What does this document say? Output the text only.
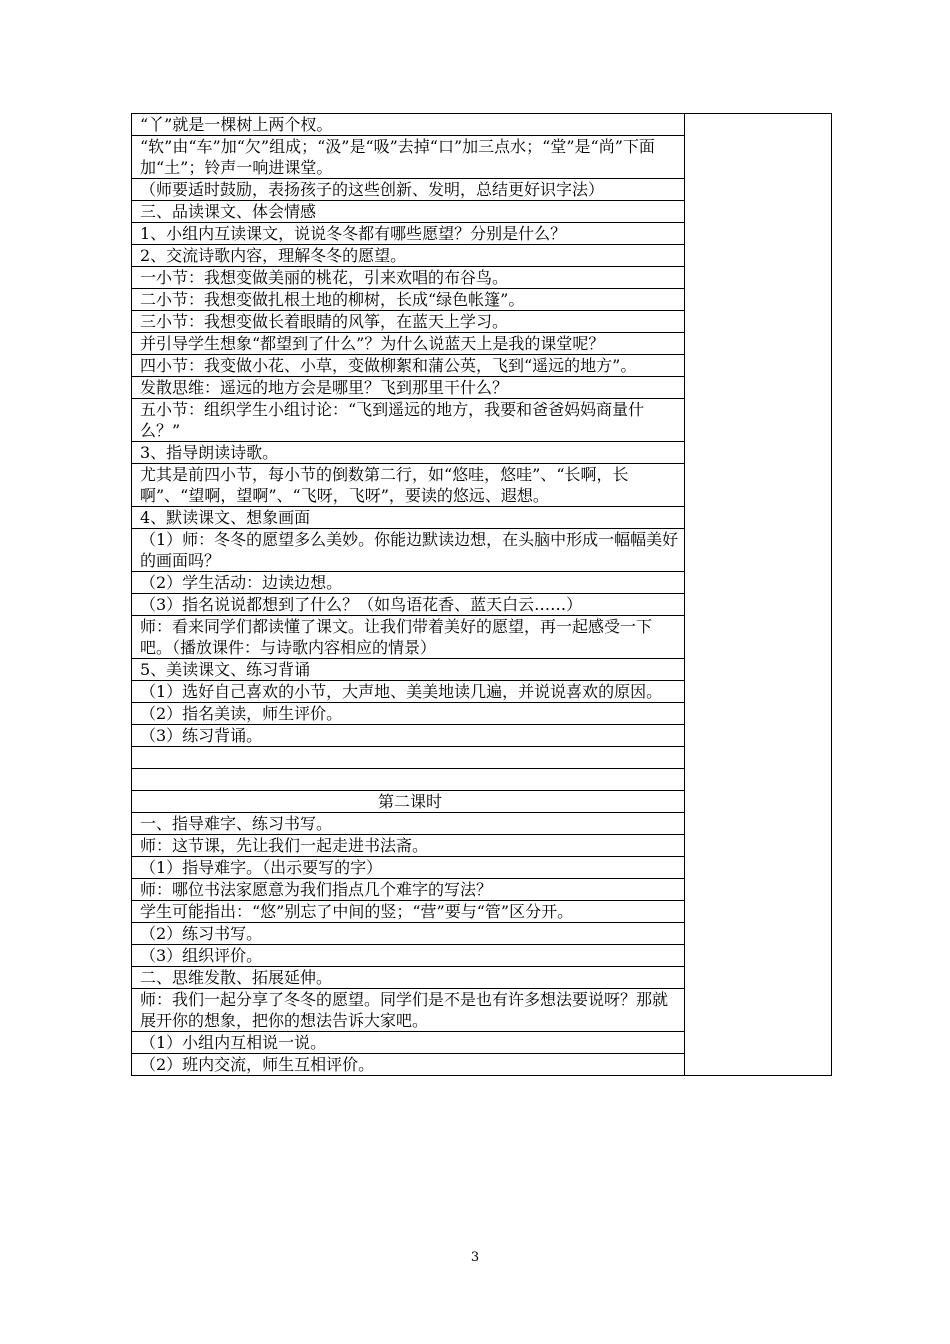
“丫”就是一棵树上两个杈。	
“软”由“车”加“欠”组成；“汲”是“吸”去掉“口”加三点水；“堂”是“尚”下面加“土”；铃声一响进课堂。
（师要适时鼓励，表扬孩子的这些创新、发明，总结更好识字法）
三、品读课文、体会情感
1、小组内互读课文，说说冬冬都有哪些愿望？分别是什么？
2、交流诗歌内容，理解冬冬的愿望。
一小节：我想变做美丽的桃花，引来欢唱的布谷鸟。
二小节：我想变做扎根土地的柳树，长成“绿色帐篷”。
三小节：我想变做长着眼睛的风筝，在蓝天上学习。
并引导学生想象“都望到了什么”？为什么说蓝天上是我的课堂呢？
四小节：我变做小花、小草，变做柳絮和蒲公英，飞到“遥远的地方”。
发散思维：遥远的地方会是哪里？飞到那里干什么？
五小节：组织学生小组讨论：“飞到遥远的地方，我要和爸爸妈妈商量什么？”
3、指导朗读诗歌。
尤其是前四小节，每小节的倒数第二行，如“悠哇，悠哇”、“长啊，长啊”、“望啊，望啊”、“飞呀，飞呀”，要读的悠远、遐想。
4、默读课文、想象画面
（1）师：冬冬的愿望多么美妙。你能边默读边想，在头脑中形成一幅幅美好的画面吗？
（2）学生活动：边读边想。
（3）指名说说都想到了什么？（如鸟语花香、蓝天白云……）
师：看来同学们都读懂了课文。让我们带着美好的愿望，再一起感受一下吧。（播放课件：与诗歌内容相应的情景）
5、美读课文、练习背诵
（1）选好自己喜欢的小节，大声地、美美地读几遍，并说说喜欢的原因。
（2）指名美读，师生评价。
（3）练习背诵。

第二课时
一、指导难字、练习书写。
师：这节课，先让我们一起走进书法斋。
（1）指导难字。（出示要写的字）
师：哪位书法家愿意为我们指点几个难字的写法？
学生可能指出：“悠”别忘了中间的竖；“营”要与“管”区分开。
（2）练习书写。
（3）组织评价。
二、思维发散、拓展延伸。
师：我们一起分享了冬冬的愿望。同学们是不是也有许多想法要说呀？那就展开你的想象，把你的想法告诉大家吧。
（1）小组内互相说一说。
（2）班内交流，师生互相评价。
3
